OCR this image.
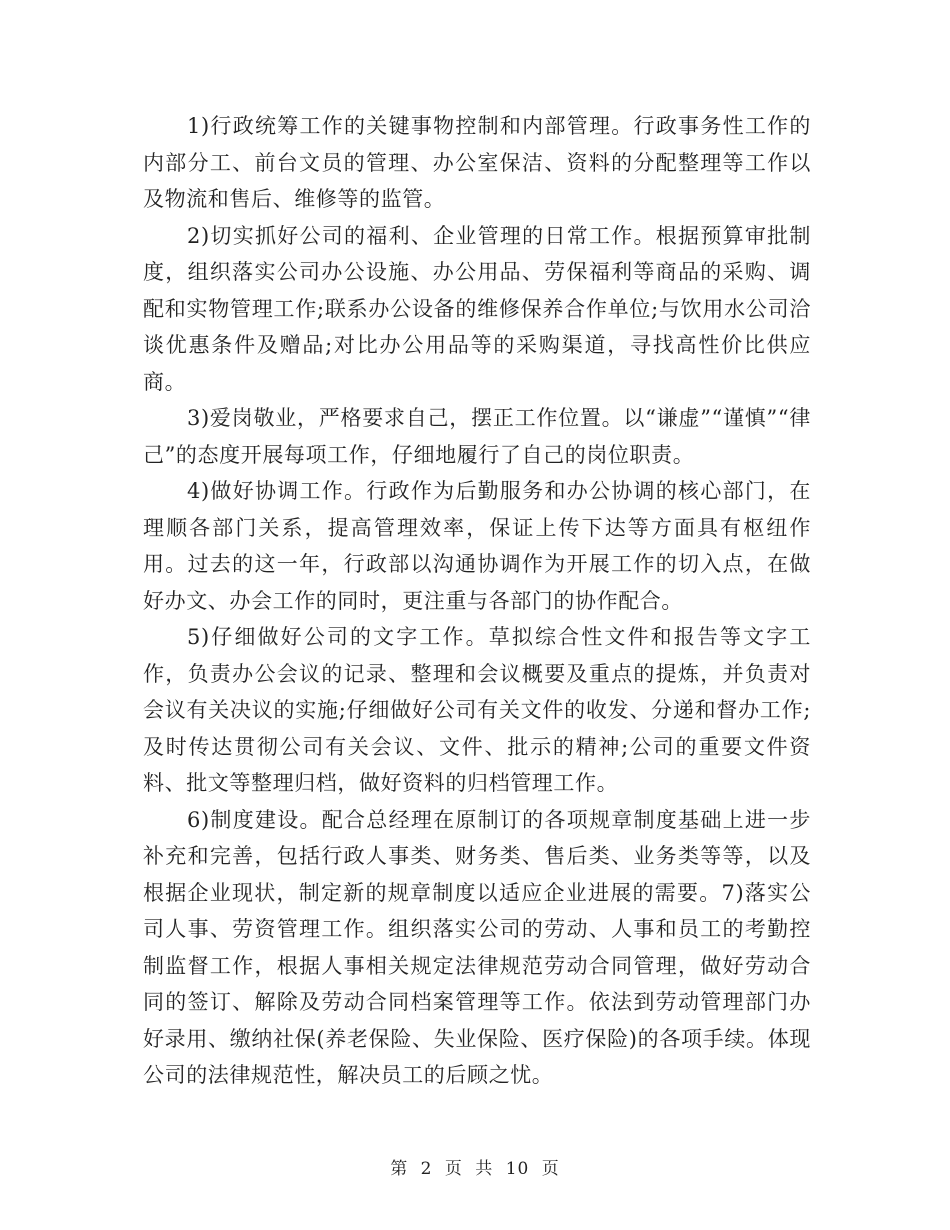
1)行政统筹工作的关键事物控制和内部管理。行政事务性工作的内部分工、前台文员的管理、办公室保洁、资料的分配整理等工作以及物流和售后、维修等的监管。

2)切实抓好公司的福利、企业管理的日常工作。根据预算审批制度，组织落实公司办公设施、办公用品、劳保福利等商品的采购、调配和实物管理工作;联系办公设备的维修保养合作单位;与饮用水公司洽谈优惠条件及赠品;对比办公用品等的采购渠道，寻找高性价比供应商。

3)爱岗敬业，严格要求自己，摆正工作位置。以“谦虚”“谨慎”“律己”的态度开展每项工作，仔细地履行了自己的岗位职责。

4)做好协调工作。行政作为后勤服务和办公协调的核心部门，在理顺各部门关系，提高管理效率，保证上传下达等方面具有枢纽作用。过去的这一年，行政部以沟通协调作为开展工作的切入点，在做好办文、办会工作的同时，更注重与各部门的协作配合。

5)仔细做好公司的文字工作。草拟综合性文件和报告等文字工作，负责办公会议的记录、整理和会议概要及重点的提炼，并负责对会议有关决议的实施;仔细做好公司有关文件的收发、分递和督办工作;及时传达贯彻公司有关会议、文件、批示的精神;公司的重要文件资料、批文等整理归档，做好资料的归档管理工作。

6)制度建设。配合总经理在原制订的各项规章制度基础上进一步补充和完善，包括行政人事类、财务类、售后类、业务类等等，以及根据企业现状，制定新的规章制度以适应企业进展的需要。7)落实公司人事、劳资管理工作。组织落实公司的劳动、人事和员工的考勤控制监督工作，根据人事相关规定法律规范劳动合同管理，做好劳动合同的签订、解除及劳动合同档案管理等工作。依法到劳动管理部门办好录用、缴纳社保(养老保险、失业保险、医疗保险)的各项手续。体现公司的法律规范性，解决员工的后顾之忧。

第 2 页 共 10 页
